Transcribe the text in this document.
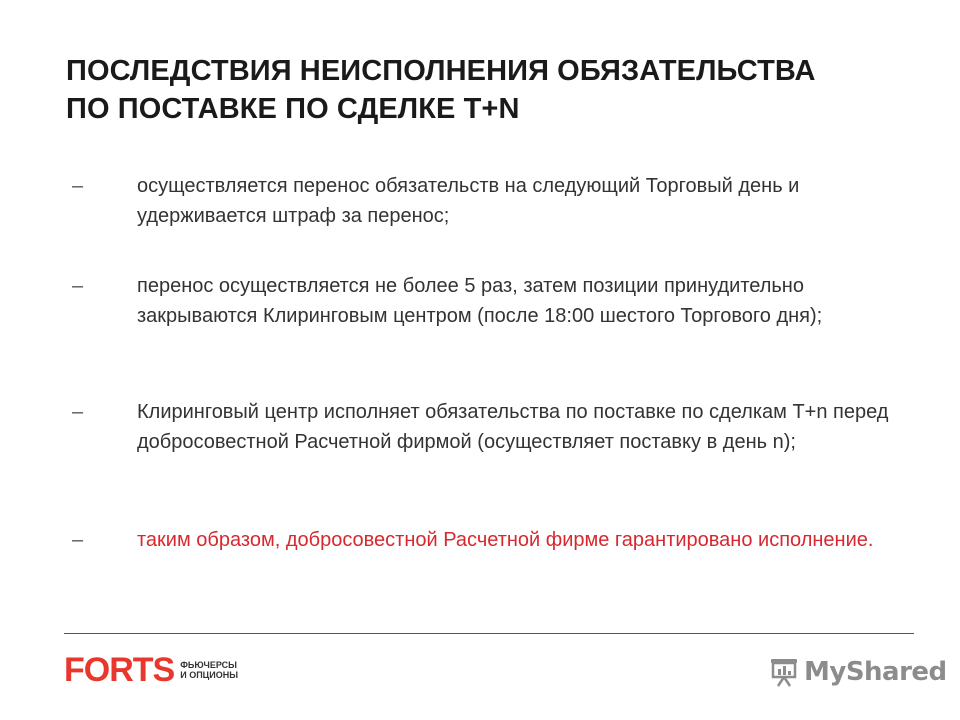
ПОСЛЕДСТВИЯ НЕИСПОЛНЕНИЯ ОБЯЗАТЕЛЬСТВА
ПО ПОСТАВКЕ ПО СДЕЛКЕ T+N
–	осуществляется перенос обязательств на следующий Торговый день и удерживается штраф за перенос;
–	перенос осуществляется не более 5 раз, затем позиции принудительно закрываются Клиринговым центром (после 18:00 шестого Торгового дня);
–	Клиринговый центр исполняет обязательства по поставке по сделкам T+n перед добросовестной Расчетной фирмой (осуществляет поставку в день n);
–	таким образом, добросовестной Расчетной фирме гарантировано исполнение.
FORTS ФЬЮЧЕРСЫ
И ОПЦИОНЫ	MyShared
